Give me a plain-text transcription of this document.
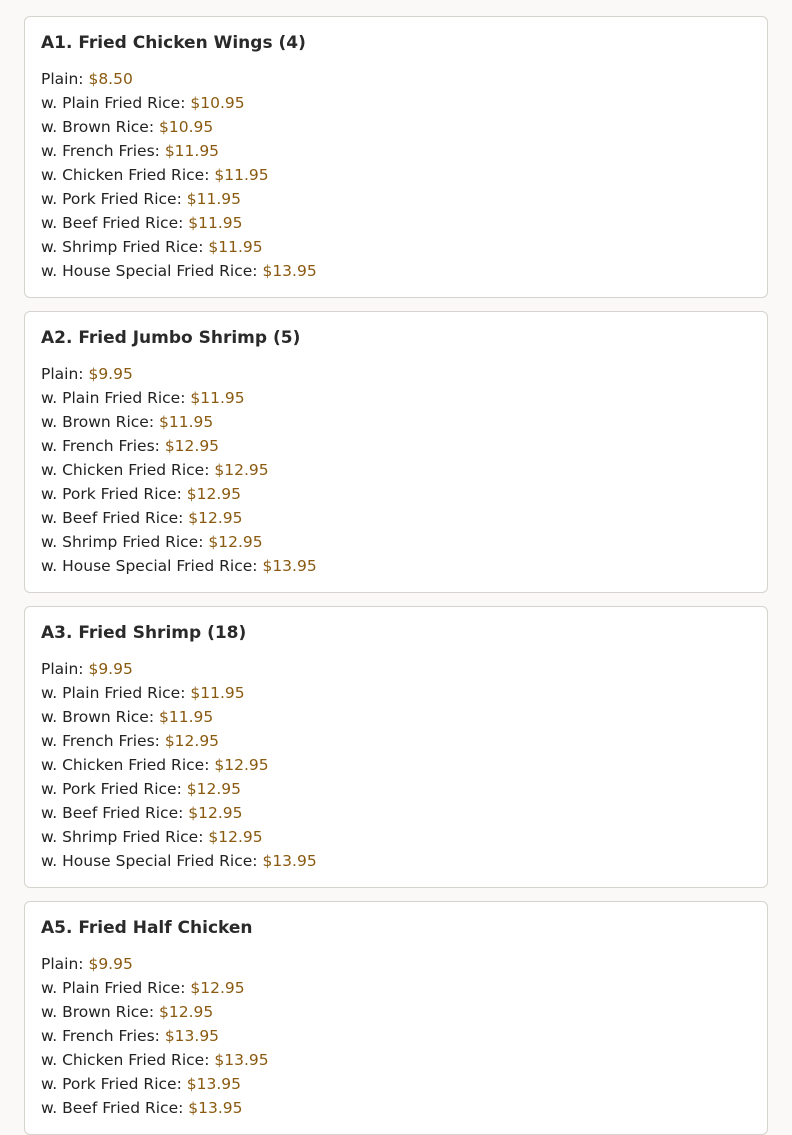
A1. Fried Chicken Wings (4)
Plain: $8.50
w. Plain Fried Rice: $10.95
w. Brown Rice: $10.95
w. French Fries: $11.95
w. Chicken Fried Rice: $11.95
w. Pork Fried Rice: $11.95
w. Beef Fried Rice: $11.95
w. Shrimp Fried Rice: $11.95
w. House Special Fried Rice: $13.95
A2. Fried Jumbo Shrimp (5)
Plain: $9.95
w. Plain Fried Rice: $11.95
w. Brown Rice: $11.95
w. French Fries: $12.95
w. Chicken Fried Rice: $12.95
w. Pork Fried Rice: $12.95
w. Beef Fried Rice: $12.95
w. Shrimp Fried Rice: $12.95
w. House Special Fried Rice: $13.95
A3. Fried Shrimp (18)
Plain: $9.95
w. Plain Fried Rice: $11.95
w. Brown Rice: $11.95
w. French Fries: $12.95
w. Chicken Fried Rice: $12.95
w. Pork Fried Rice: $12.95
w. Beef Fried Rice: $12.95
w. Shrimp Fried Rice: $12.95
w. House Special Fried Rice: $13.95
A5. Fried Half Chicken
Plain: $9.95
w. Plain Fried Rice: $12.95
w. Brown Rice: $12.95
w. French Fries: $13.95
w. Chicken Fried Rice: $13.95
w. Pork Fried Rice: $13.95
w. Beef Fried Rice: $13.95
